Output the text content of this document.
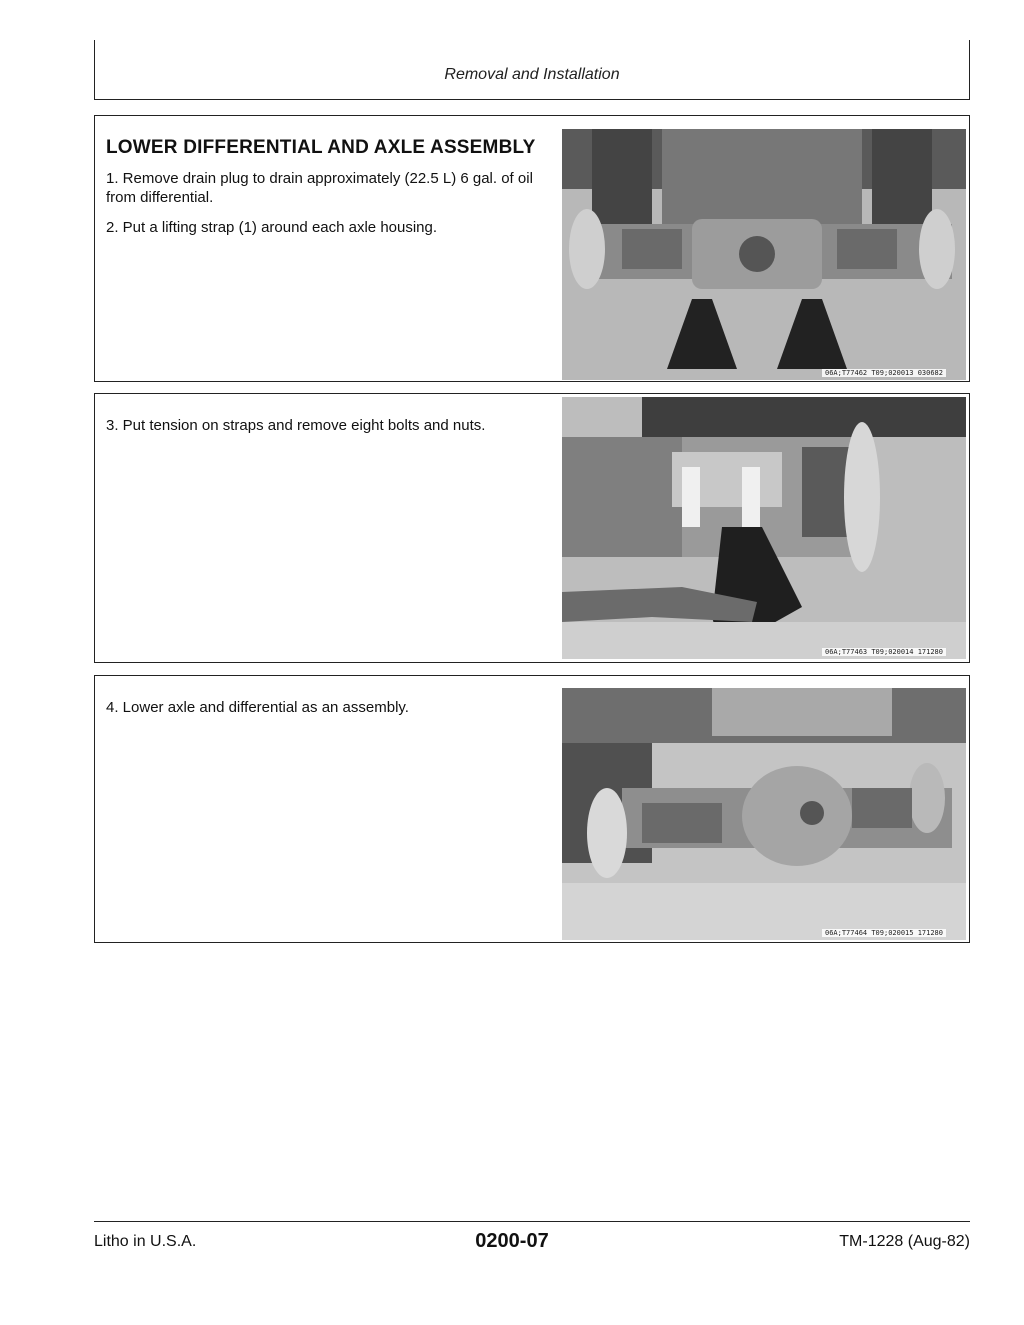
Removal and Installation
LOWER DIFFERENTIAL AND AXLE ASSEMBLY
1. Remove drain plug to drain approximately (22.5 L) 6 gal. of oil from differential.
2. Put a lifting strap (1) around each axle housing.
06A;T77462 T09;020013 030682
3. Put tension on straps and remove eight bolts and nuts.
06A;T77463 T09;020014 171280
4. Lower axle and differential as an assembly.
06A;T77464 T09;020015 171280
Litho in U.S.A.	0200-07	TM-1228 (Aug-82)
